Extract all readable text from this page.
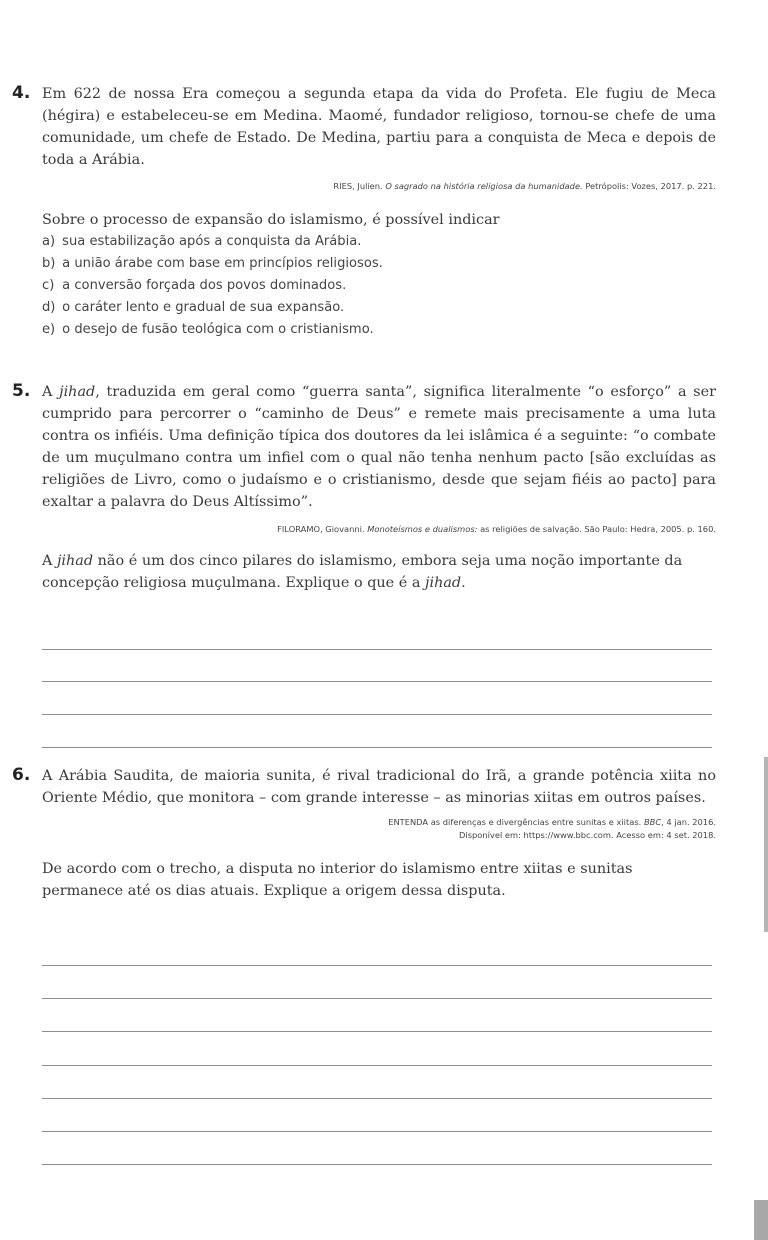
4. Em 622 de nossa Era começou a segunda etapa da vida do Profeta. Ele fugiu de Meca (hégira) e estabeleceu-se em Medina. Maomé, fundador religioso, tornou-se chefe de uma comunidade, um chefe de Estado. De Medina, partiu para a conquista de Meca e depois de toda a Arábia.
RIES, Julien. O sagrado na história religiosa da humanidade. Petrópolis: Vozes, 2017. p. 221.
Sobre o processo de expansão do islamismo, é possível indicar
a) sua estabilização após a conquista da Arábia.
b) a união árabe com base em princípios religiosos.
c) a conversão forçada dos povos dominados.
d) o caráter lento e gradual de sua expansão.
e) o desejo de fusão teológica com o cristianismo.
5. A jihad, traduzida em geral como “guerra santa”, significa literalmente “o esforço” a ser cumprido para percorrer o “caminho de Deus” e remete mais precisamente a uma luta contra os infiéis. Uma definição típica dos doutores da lei islâmica é a seguinte: “o combate de um muçulmano contra um infiel com o qual não tenha nenhum pacto [são excluídas as religiões de Livro, como o judaísmo e o cristianismo, desde que sejam fiéis ao pacto] para exaltar a palavra do Deus Altíssimo”.
FILORAMO, Giovanni. Monoteísmos e dualismos: as religiões de salvação. São Paulo: Hedra, 2005. p. 160.
A jihad não é um dos cinco pilares do islamismo, embora seja uma noção importante da concepção religiosa muçulmana. Explique o que é a jihad.
6. A Arábia Saudita, de maioria sunita, é rival tradicional do Irã, a grande potência xiita no Oriente Médio, que monitora – com grande interesse – as minorias xiitas em outros países.
ENTENDA as diferenças e divergências entre sunitas e xiitas. BBC, 4 jan. 2016.
Disponível em: https://www.bbc.com. Acesso em: 4 set. 2018.
De acordo com o trecho, a disputa no interior do islamismo entre xiitas e sunitas permanece até os dias atuais. Explique a origem dessa disputa.
